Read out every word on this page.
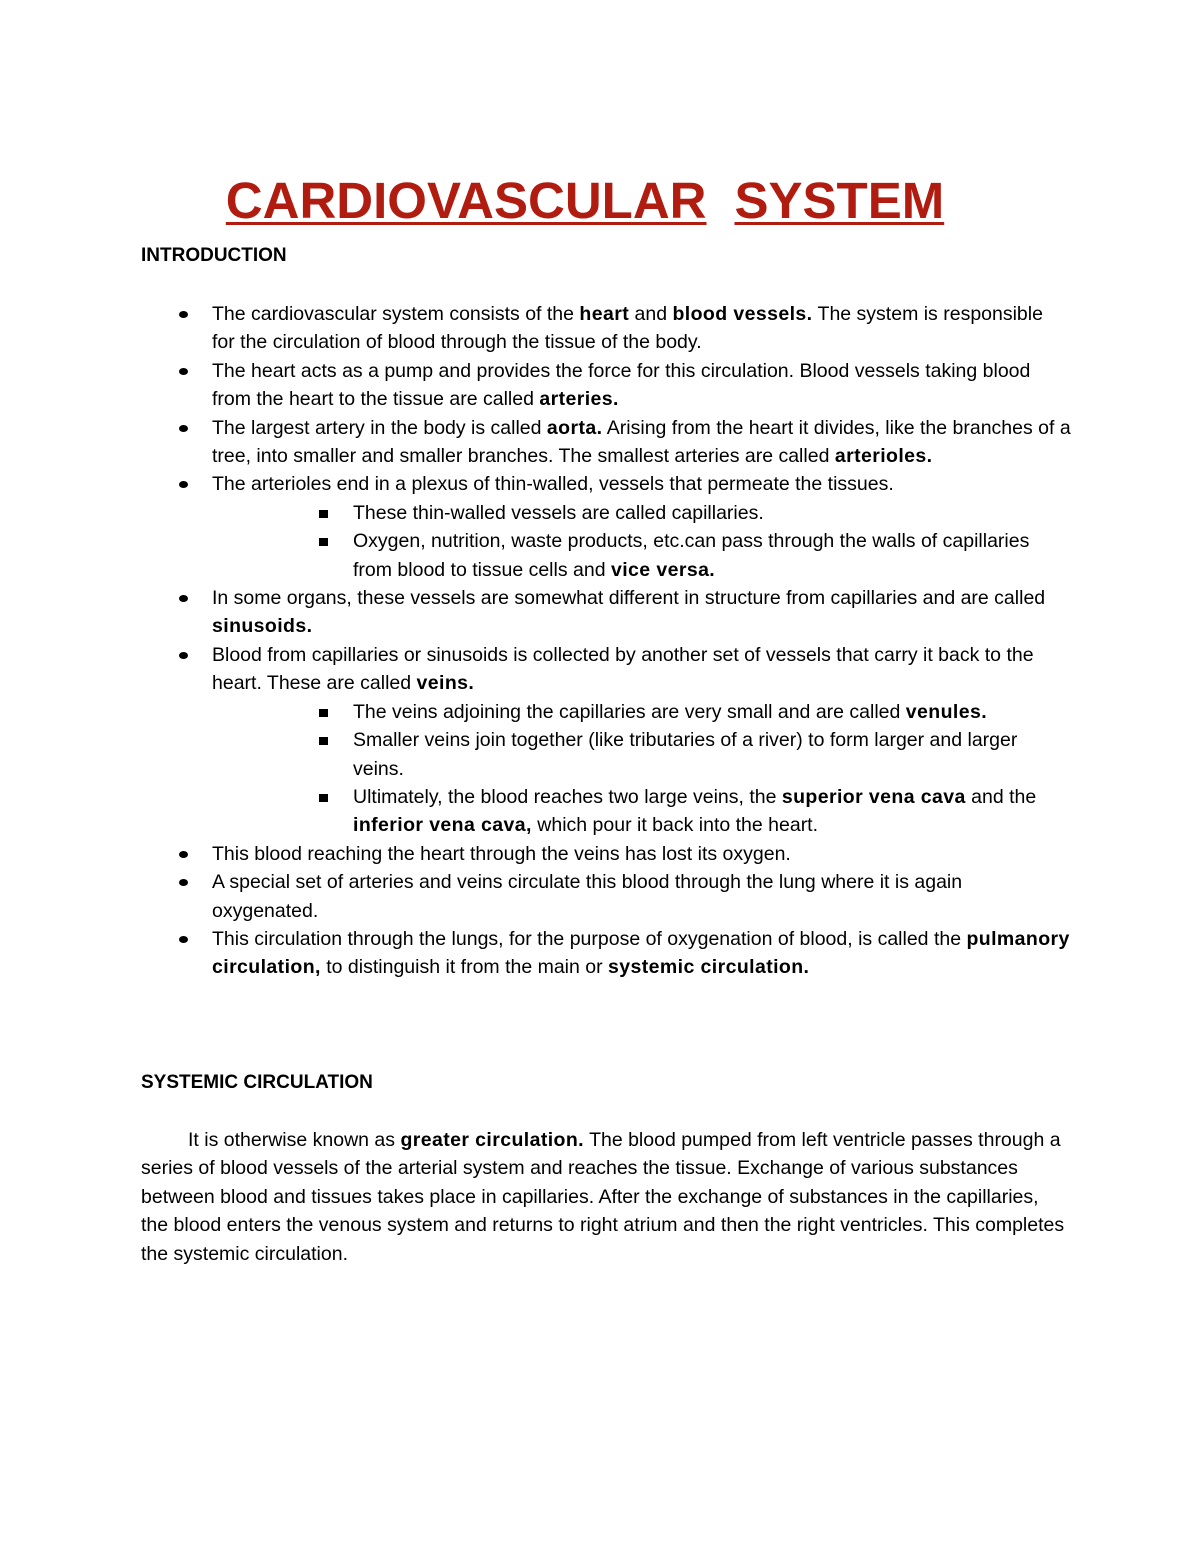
CARDIOVASCULAR SYSTEM
INTRODUCTION
The cardiovascular system consists of the heart and blood vessels. The system is responsible for the circulation of blood through the tissue of the body.
The heart acts as a pump and provides the force for this circulation. Blood vessels taking blood from the heart to the tissue are called arteries.
The largest artery in the body is called aorta. Arising from the heart it divides, like the branches of a tree, into smaller and smaller branches. The smallest arteries are called arterioles.
The arterioles end in a plexus of thin-walled, vessels that permeate the tissues.
These thin-walled vessels are called capillaries.
Oxygen, nutrition, waste products, etc.can pass through the walls of capillaries from blood to tissue cells and vice versa.
In some organs, these vessels are somewhat different in structure from capillaries and are called sinusoids.
Blood from capillaries or sinusoids is collected by another set of vessels that carry it back to the heart. These are called veins.
The veins adjoining the capillaries are very small and are called venules.
Smaller veins join together (like tributaries of a river) to form larger and larger veins.
Ultimately, the blood reaches two large veins, the superior vena cava and the inferior vena cava, which pour it back into the heart.
This blood reaching the heart through the veins has lost its oxygen.
A special set of arteries and veins circulate this blood through the lung where it is again oxygenated.
This circulation through the lungs, for the purpose of oxygenation of blood, is called the pulmanory circulation, to distinguish it from the main or systemic circulation.
SYSTEMIC CIRCULATION
It is otherwise known as greater circulation. The blood pumped from left ventricle passes through a series of blood vessels of the arterial system and reaches the tissue. Exchange of various substances between blood and tissues takes place in capillaries. After the exchange of substances in the capillaries, the blood enters the venous system and returns to right atrium and then the right ventricles. This completes the systemic circulation.
